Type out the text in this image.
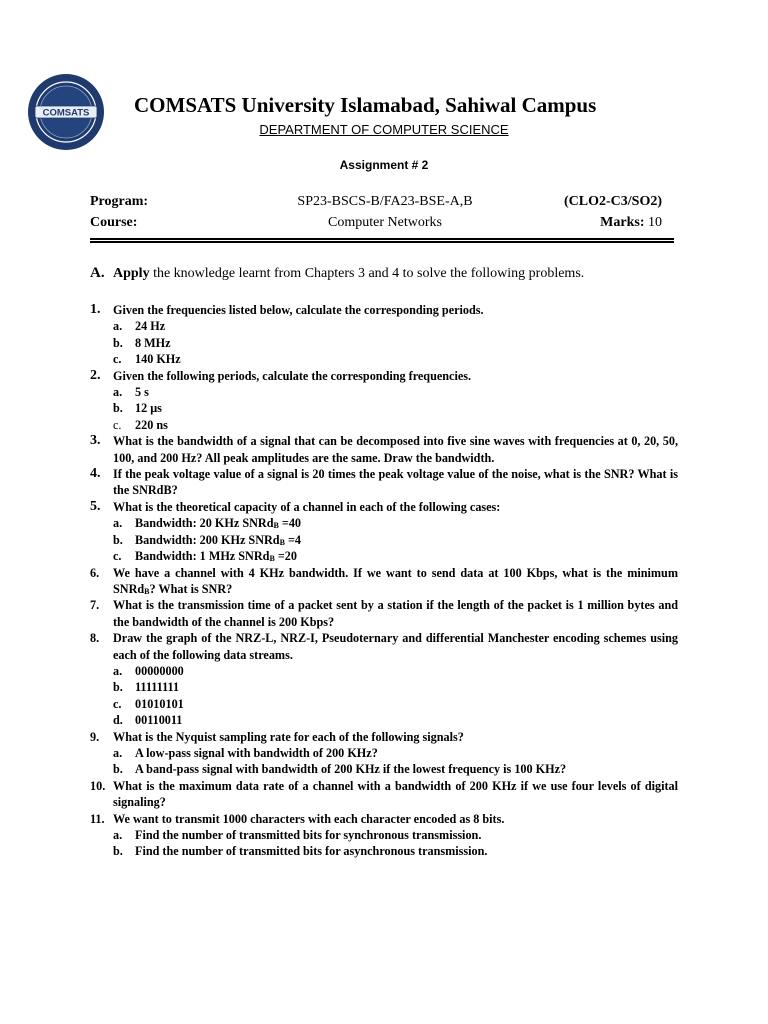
COMSATS COMSATS University Islamabad, Sahiwal Campus
DEPARTMENT OF COMPUTER SCIENCE
Assignment # 2
Program:	SP23-BSCS-B/FA23-BSE-A,B	(CLO2-C3/SO2)
Course:	Computer Networks	Marks: 10
A. Apply the knowledge learnt from Chapters 3 and 4 to solve the following problems.
1. Given the frequencies listed below, calculate the corresponding periods.
a. 24 Hz
b. 8 MHz
c. 140 KHz
2. Given the following periods, calculate the corresponding frequencies.
a. 5 s
b. 12 μs
c. 220 ns
3. What is the bandwidth of a signal that can be decomposed into five sine waves with frequencies at 0, 20, 50, 100, and 200 Hz? All peak amplitudes are the same. Draw the bandwidth.
4. If the peak voltage value of a signal is 20 times the peak voltage value of the noise, what is the SNR? What is the SNRdB?
5. What is the theoretical capacity of a channel in each of the following cases:
a. Bandwidth: 20 KHz SNRd$_B$ =40
b. Bandwidth: 200 KHz SNRd$_B$ =4
c. Bandwidth: 1 MHz SNRd$_B$ =20
6. We have a channel with 4 KHz bandwidth. If we want to send data at 100 Kbps, what is the minimum SNRd$_B$? What is SNR?
7. What is the transmission time of a packet sent by a station if the length of the packet is 1 million bytes and the bandwidth of the channel is 200 Kbps?
8. Draw the graph of the NRZ-L, NRZ-I, Pseudoternary and differential Manchester encoding schemes using each of the following data streams.
a. 00000000
b. 11111111
c. 01010101
d. 00110011
9. What is the Nyquist sampling rate for each of the following signals?
a. A low-pass signal with bandwidth of 200 KHz?
b. A band-pass signal with bandwidth of 200 KHz if the lowest frequency is 100 KHz?
10. What is the maximum data rate of a channel with a bandwidth of 200 KHz if we use four levels of digital signaling?
11. We want to transmit 1000 characters with each character encoded as 8 bits.
a. Find the number of transmitted bits for synchronous transmission.
b. Find the number of transmitted bits for asynchronous transmission.
